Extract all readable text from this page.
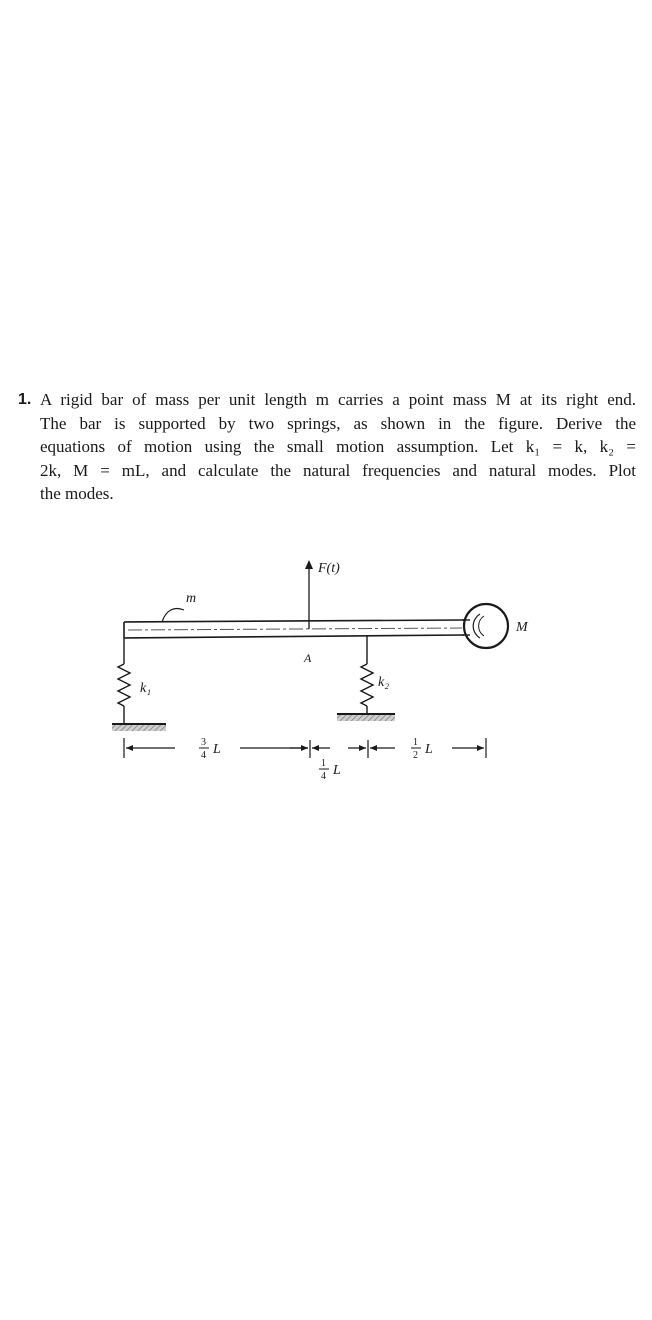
1. A rigid bar of mass per unit length m carries a point mass M at its right end.
The bar is supported by two springs, as shown in the figure. Derive the
equations of motion using the small motion assumption. Let k₁ = k, k₂ =
2k, M = mL, and calculate the natural frequencies and natural modes. Plot
the modes.
M
m
F(t)
A
k₁	k₂
3
4 L
1
4 L
1
2 L
